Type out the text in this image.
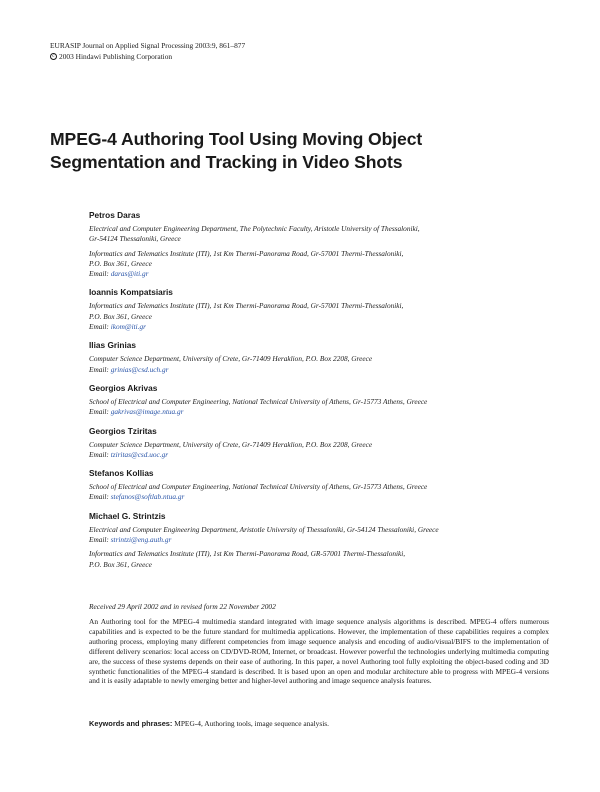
EURASIP Journal on Applied Signal Processing 2003:9, 861–877
c 2003 Hindawi Publishing Corporation
MPEG-4 Authoring Tool Using Moving Object
Segmentation and Tracking in Video Shots
Petros Daras

Electrical and Computer Engineering Department, The Polytechnic Faculty, Aristotle University of Thessaloniki,
Gr-54124 Thessaloniki, Greece

Informatics and Telematics Institute (ITI), 1st Km Thermi-Panorama Road, Gr-57001 Thermi-Thessaloniki,
P.O. Box 361, Greece

Email: daras@iti.gr

Ioannis Kompatsiaris

Informatics and Telematics Institute (ITI), 1st Km Thermi-Panorama Road, Gr-57001 Thermi-Thessaloniki,
P.O. Box 361, Greece

Email: ikom@iti.gr

Ilias Grinias

Computer Science Department, University of Crete, Gr-71409 Heraklion, P.O. Box 2208, Greece

Email: grinias@csd.uch.gr

Georgios Akrivas

School of Electrical and Computer Engineering, National Technical University of Athens, Gr-15773 Athens, Greece

Email: gakrivas@image.ntua.gr

Georgios Tziritas

Computer Science Department, University of Crete, Gr-71409 Heraklion, P.O. Box 2208, Greece

Email: tziritas@csd.uoc.gr

Stefanos Kollias

School of Electrical and Computer Engineering, National Technical University of Athens, Gr-15773 Athens, Greece

Email: stefanos@softlab.ntua.gr

Michael G. Strintzis

Electrical and Computer Engineering Department, Aristotle University of Thessaloniki, Gr-54124 Thessaloniki, Greece

Email: strintzi@eng.auth.gr

Informatics and Telematics Institute (ITI), 1st Km Thermi-Panorama Road, GR-57001 Thermi-Thessaloniki,
P.O. Box 361, Greece

Received 29 April 2002 and in revised form 22 November 2002

An Authoring tool for the MPEG-4 multimedia standard integrated with image sequence analysis algorithms is described. MPEG-4 offers numerous capabilities and is expected to be the future standard for multimedia applications. However, the implementation of these capabilities requires a complex authoring process, employing many different competencies from image sequence analysis and encoding of audio/visual/BIFS to the implementation of different delivery scenarios: local access on CD/DVD-ROM, Internet, or broadcast. However powerful the technologies underlying multimedia computing are, the success of these systems depends on their ease of authoring. In this paper, a novel Authoring tool fully exploiting the object-based coding and 3D synthetic functionalities of the MPEG-4 standard is described. It is based upon an open and modular architecture able to progress with MPEG-4 versions and it is easily adaptable to newly emerging better and higher-level authoring and image sequence analysis features.

Keywords and phrases: MPEG-4, Authoring tools, image sequence analysis.
